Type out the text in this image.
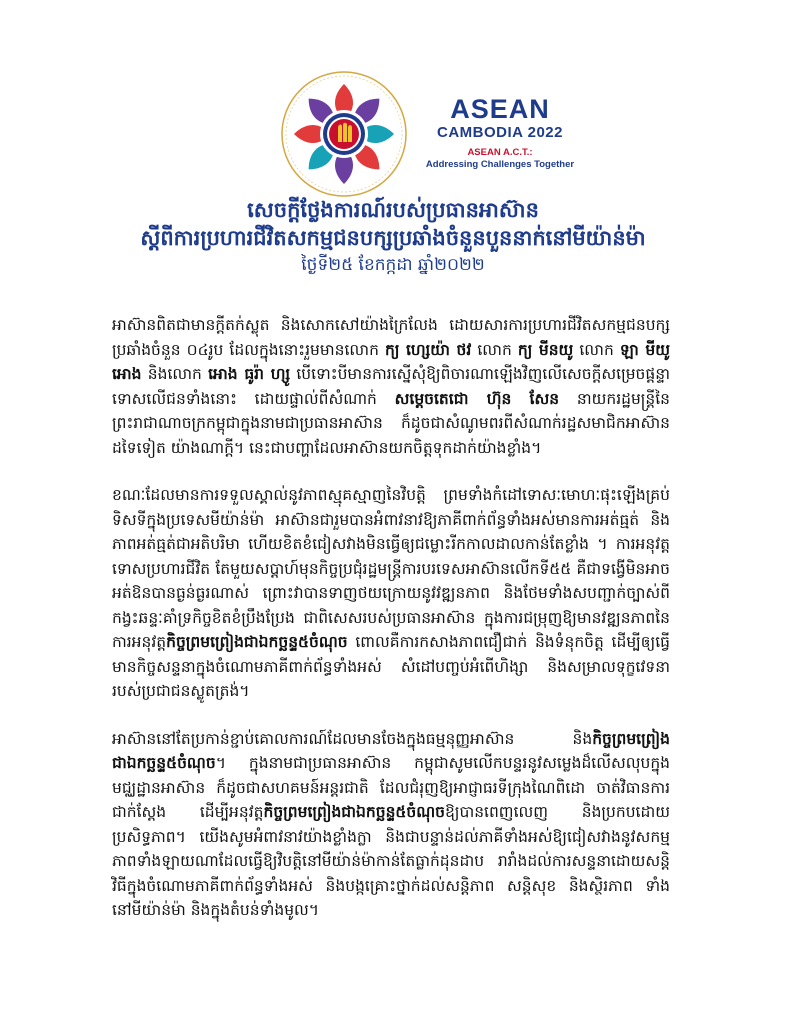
ASEAN
CAMBODIA 2022
ASEAN A.C.T.:
Addressing Challenges Together
សេចក្តីថ្លែងការណ៍របស់ប្រធានអាស៊ាន
ស្តីពីការប្រហារជីវិតសកម្មជនបក្សប្រឆាំងចំនួនបួននាក់នៅមីយ៉ាន់ម៉ា
ថ្ងៃទី២៥ ខែកក្កដា ឆ្នាំ២០២២

អាស៊ានពិតជាមានក្តីតក់ស្លុត និងសោកសៅយ៉ាងក្រៃលែង ដោយសារការប្រហារជីវិតសកម្មជនបក្សប្រឆាំងចំនួន ០៤រូប ដែលក្នុងនោះរួមមានលោក ក្យ ហ្សេយ៉ា ថវ លោក ក្យ មីនយូ លោក ឡា មីយូ អោង និងលោក អោង ធូរ៉ា ហ្សូ បើទោះបីមានការស្នើសុំឱ្យពិចារណាឡើងវិញលើសេចក្តីសម្រេចផ្តន្ទាទោសលើជនទាំងនោះ ដោយផ្ទាល់ពីសំណាក់ សម្តេចតេជោ ហ៊ុន សែន នាយករដ្ឋមន្ត្រីនៃព្រះរាជាណាចក្រកម្ពុជាក្នុងនាមជាប្រធានអាស៊ាន ក៏ដូចជាសំណូមពរពីសំណាក់រដ្ឋសមាជិកអាស៊ានដទៃទៀត យ៉ាងណាក្តី។ នេះជាបញ្ហាដែលអាស៊ានយកចិត្តទុកដាក់យ៉ាងខ្លាំង។

ខណៈដែលមានការទទួលស្គាល់នូវភាពស្មុគស្មាញនៃវិបត្តិ ព្រមទាំងកំដៅទោសៈមោហៈផុះឡើងគ្រប់ទិសទីក្នុងប្រទេសមីយ៉ាន់ម៉ា អាស៊ានជារួមបានអំពាវនាវឱ្យភាគីពាក់ព័ន្ធទាំងអស់មានការអត់ធ្មត់ និង ភាពអត់ធ្មត់ជាអតិបរិមា ហើយខិតខំជៀសវាងមិនធ្វើឲ្យជម្លោះរីកកាលដាលកាន់តែខ្លាំង ។ ការអនុវត្តទោសប្រហារជីវិត តែមួយសប្តាហ៍មុនកិច្ចប្រជុំរដ្ឋមន្ត្រីការបរទេសអាស៊ានលើកទី៥៥ គឺជាទង្វើមិនអាចអត់ឱនបានធ្ងន់ធ្ងរណាស់ ព្រោះវាបានទាញថយក្រោយនូវវឌ្ឍនភាព និងថែមទាំងសបញ្ជាក់ច្បាស់ពីកង្វះឆន្ទៈគាំទ្រកិច្ចខិតខំប្រឹងប្រែង ជាពិសេសរបស់ប្រធានអាស៊ាន ក្នុងការជម្រុញឱ្យមានវឌ្ឍនភាពនៃការអនុវត្តកិច្ចព្រមព្រៀងជាឯកច្ឆន្ទ៥ចំណុច ពោលគឺការកសាងភាពជឿជាក់ និងទំនុកចិត្ត ដើម្បីឲ្យធ្វើមានកិច្ចសន្ទនាក្នុងចំណោមភាគីពាក់ព័ន្ធទាំងអស់ សំដៅបញ្ចប់អំពើហិង្សា និងសម្រាលទុក្ខវេទនារបស់ប្រជាជនស្លូតត្រង់។

អាស៊ាននៅតែប្រកាន់ខ្ជាប់គោលការណ៍ដែលមានចែងក្នុងធម្មនុញ្ញអាស៊ាន និងកិច្ចព្រមព្រៀងជាឯកច្ឆន្ទ៥ចំណុច។ ក្នុងនាមជាប្រធានអាស៊ាន កម្ពុជាសូមលើកបន្ទរនូវសម្លេងដ៏លើសលុបក្នុងមជ្ឈដ្ឋានអាស៊ាន ក៏ដូចជាសហគមន៍អន្តរជាតិ ដែលជំរុញឱ្យអាជ្ញាធរទីក្រុងណៃពិដោ ចាត់វិធានការជាក់ស្តែង ដើម្បីអនុវត្តកិច្ចព្រមព្រៀងជាឯកច្ឆន្ទ៥ចំណុចឱ្យបានពេញលេញ និងប្រកបដោយប្រសិទ្ធភាព។ យើងសូមអំពាវនាវយ៉ាងខ្លាំងក្លា និងជាបន្ទាន់ដល់ភាគីទាំងអស់ឱ្យជៀសវាងនូវសកម្មភាពទាំងឡាយណាដែលធ្វើឱ្យវិបត្តិនៅមីយ៉ាន់ម៉ាកាន់តែធ្លាក់ដុនដាប រារាំងដល់ការសន្ទនាដោយសន្តិវិធីក្នុងចំណោមភាគីពាក់ព័ន្ធទាំងអស់ និងបង្កគ្រោះថ្នាក់ដល់សន្តិភាព សន្តិសុខ និងស្ថិរភាព ទាំងនៅមីយ៉ាន់ម៉ា និងក្នុងតំបន់ទាំងមូល។
